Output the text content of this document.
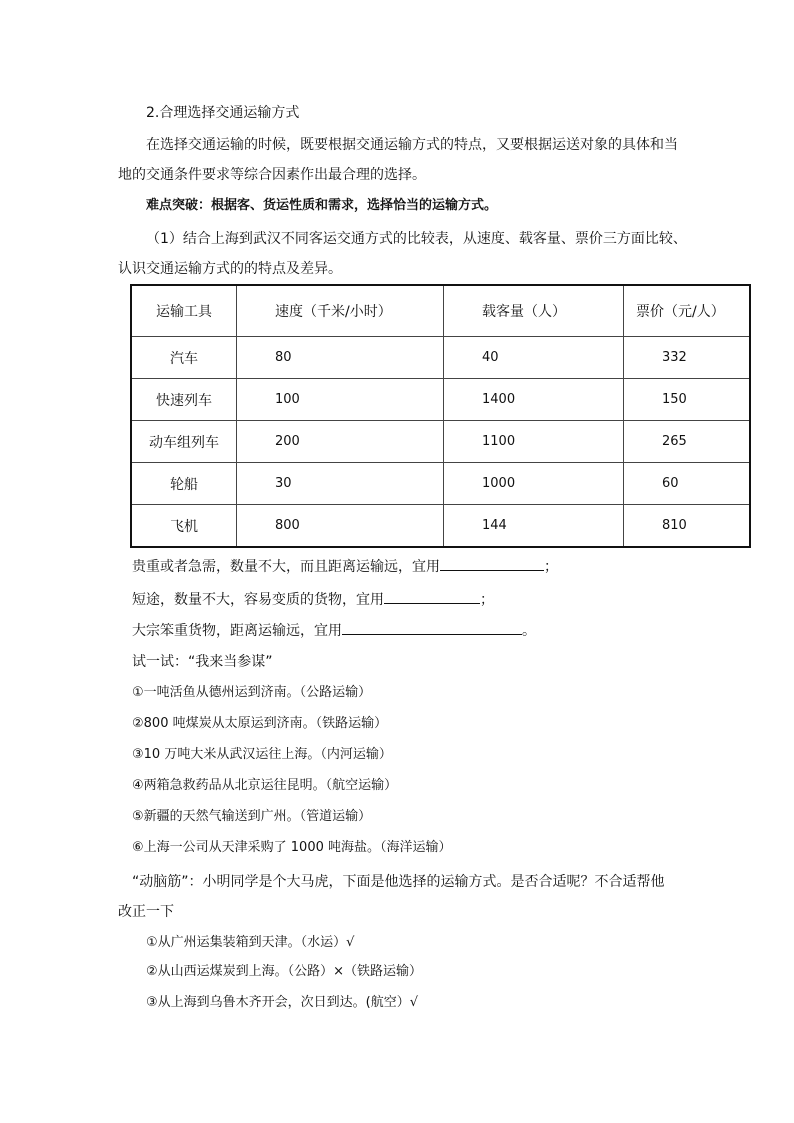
2.合理选择交通运输方式
在选择交通运输的时候，既要根据交通运输方式的特点，又要根据运送对象的具体和当
地的交通条件要求等综合因素作出最合理的选择。
难点突破：根据客、货运性质和需求，选择恰当的运输方式。
（1）结合上海到武汉不同客运交通方式的比较表，从速度、载客量、票价三方面比较、
认识交通运输方式的的特点及差异。
运输工具	速度（千米/小时）	载客量（人）	票价（元/人）
汽车	80	40	332
快速列车	100	1400	150
动车组列车	200	1100	265
轮船	30	1000	60
飞机	800	144	810
贵重或者急需，数量不大，而且距离运输远，宜用	；
短途，数量不大，容易变质的货物，宜用	；
大宗笨重货物，距离运输远，宜用	。
试一试：“我来当参谋”
①一吨活鱼从德州运到济南。（公路运输）
②800 吨煤炭从太原运到济南。（铁路运输）
③10 万吨大米从武汉运往上海。（内河运输）
④两箱急救药品从北京运往昆明。（航空运输）
⑤新疆的天然气输送到广州。（管道运输）
⑥上海一公司从天津采购了 1000 吨海盐。（海洋运输）
“动脑筋”：小明同学是个大马虎，下面是他选择的运输方式。是否合适呢？不合适帮他
改正一下
①从广州运集装箱到天津。（水运）√
②从山西运煤炭到上海。（公路）×（铁路运输）
③从上海到乌鲁木齐开会，次日到达。(航空）√
